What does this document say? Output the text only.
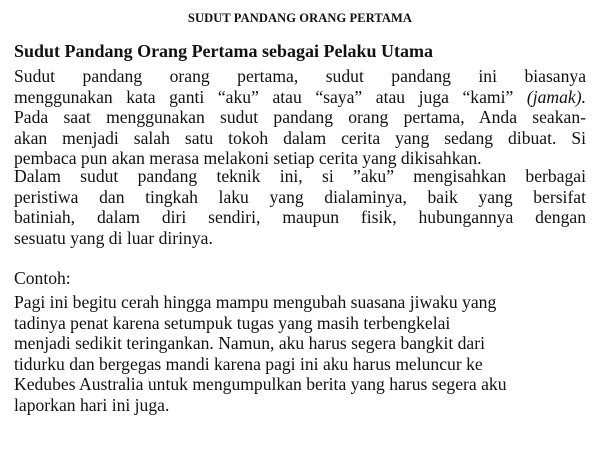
SUDUT PANDANG ORANG PERTAMA
Sudut Pandang Orang Pertama sebagai Pelaku Utama
Sudut pandang orang pertama, sudut pandang ini biasanya
menggunakan kata ganti “aku” atau “saya” atau juga “kami” (jamak).
Pada saat menggunakan sudut pandang orang pertama, Anda seakan-
akan menjadi salah satu tokoh dalam cerita yang sedang dibuat. Si
pembaca pun akan merasa melakoni setiap cerita yang dikisahkan.
Dalam sudut pandang teknik ini, si ”aku” mengisahkan berbagai
peristiwa dan tingkah laku yang dialaminya, baik yang bersifat
batiniah, dalam diri sendiri, maupun fisik, hubungannya dengan
sesuatu yang di luar dirinya.
Contoh:
Pagi ini begitu cerah hingga mampu mengubah suasana jiwaku yang
tadinya penat karena setumpuk tugas yang masih terbengkelai
menjadi sedikit teringankan. Namun, aku harus segera bangkit dari
tidurku dan bergegas mandi karena pagi ini aku harus meluncur ke
Kedubes Australia untuk mengumpulkan berita yang harus segera aku
laporkan hari ini juga.
